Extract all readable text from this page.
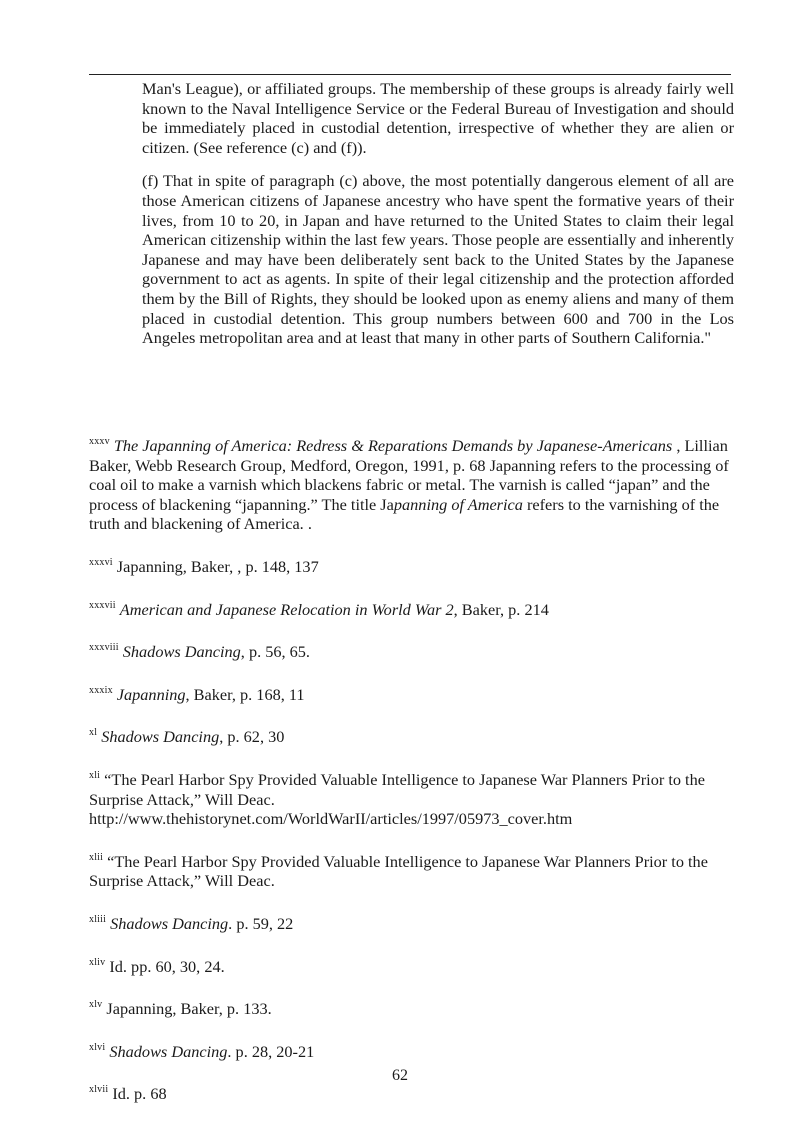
Man's League), or affiliated groups. The membership of these groups is already fairly well known to the Naval Intelligence Service or the Federal Bureau of Investigation and should be immediately placed in custodial detention, irrespective of whether they are alien or citizen. (See reference (c) and (f)).

(f) That in spite of paragraph (c) above, the most potentially dangerous element of all are those American citizens of Japanese ancestry who have spent the formative years of their lives, from 10 to 20, in Japan and have returned to the United States to claim their legal American citizenship within the last few years. Those people are essentially and inherently Japanese and may have been deliberately sent back to the United States by the Japanese government to act as agents. In spite of their legal citizenship and the protection afforded them by the Bill of Rights, they should be looked upon as enemy aliens and many of them placed in custodial detention. This group numbers between 600 and 700 in the Los Angeles metropolitan area and at least that many in other parts of Southern California."

$^{xxxv}$ The Japanning of America: Redress & Reparations Demands by Japanese-Americans , Lillian Baker, Webb Research Group, Medford, Oregon, 1991, p. 68 Japanning refers to the processing of coal oil to make a varnish which blackens fabric or metal. The varnish is called “japan” and the process of blackening “japanning.” The title Japanning of America refers to the varnishing of the truth and blackening of America. .
$^{xxxvi}$ Japanning, Baker, , p. 148, 137
$^{xxxvii}$ American and Japanese Relocation in World War 2, Baker, p. 214
$^{xxxviii}$ Shadows Dancing, p. 56, 65.
$^{xxxix}$ Japanning, Baker, p. 168, 11
$^{xl}$ Shadows Dancing, p. 62, 30
$^{xli}$ “The Pearl Harbor Spy Provided Valuable Intelligence to Japanese War Planners Prior to the Surprise Attack,” Will Deac.
http://www.thehistorynet.com/WorldWarII/articles/1997/05973_cover.htm
$^{xlii}$ “The Pearl Harbor Spy Provided Valuable Intelligence to Japanese War Planners Prior to the Surprise Attack,” Will Deac.
$^{xliii}$ Shadows Dancing. p. 59, 22
$^{xliv}$ Id. pp. 60, 30, 24.
$^{xlv}$ Japanning, Baker, p. 133.
$^{xlvi}$ Shadows Dancing. p. 28, 20-21
$^{xlvii}$ Id. p. 68
62
